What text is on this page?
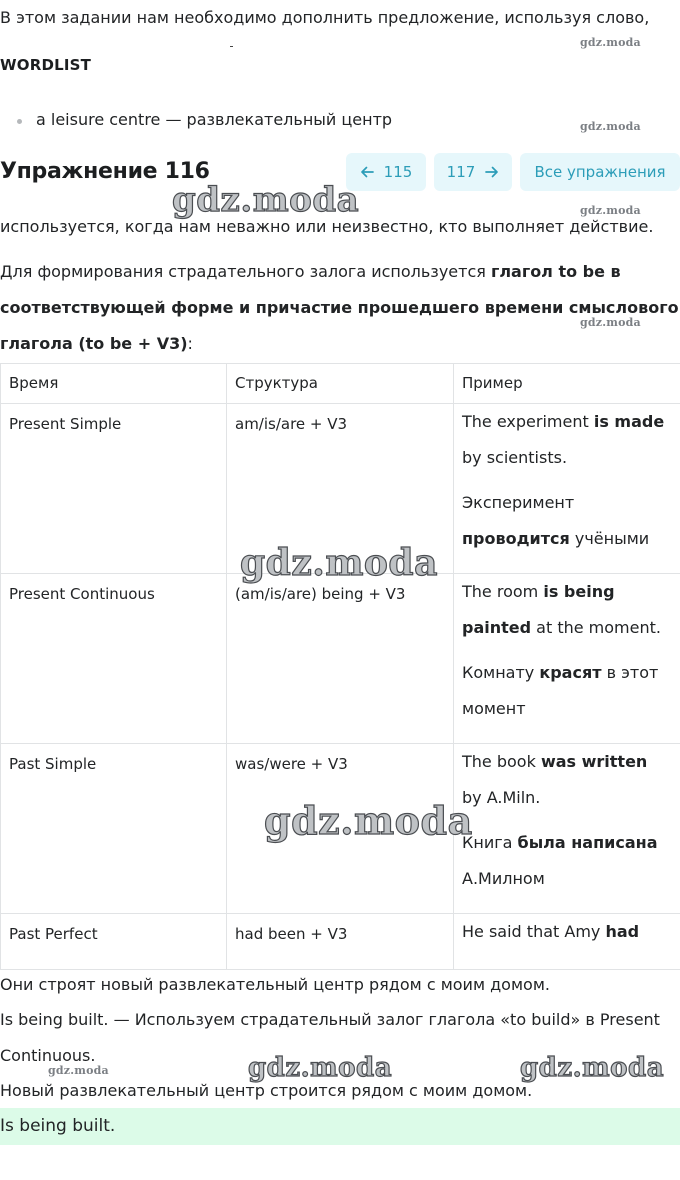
В этом задании нам необходимо дополнить предложение, используя слово,
WORDLIST
a leisure centre — развлекательный центр
Упражнение 116	115 117	Все упражнения
используется, когда нам неважно или неизвестно, кто выполняет действие.
Для формирования страдательного залога используется глагол to be в
соответствующей форме и причастие прошедшего времени смыслового
глагола (to be + V3):
Время	Структура	Пример
Present Simple	am/is/are + V3	The experiment is made by scientists.

Эксперимент проводится учёными

Present Continuous	(am/is/are) being + V3	The room is being painted at the moment.

Комнату красят в этот момент

Past Simple	was/were + V3	The book was written by A.Miln.

Книга была написана А.Милном

Past Perfect	had been + V3	He said that Amy had

Они строят новый развлекательный центр рядом с моим домом.
Is being built. — Используем страдательный залог глагола «to build» в Present
Continuous.
Новый развлекательный центр строится рядом с моим домом.
Is being built.
gdz.moda
gdz.moda
gdz.moda
gdz.moda
gdz.moda
gdz.moda
gdz.moda
gdz.moda
gdz.moda	gdz.moda
